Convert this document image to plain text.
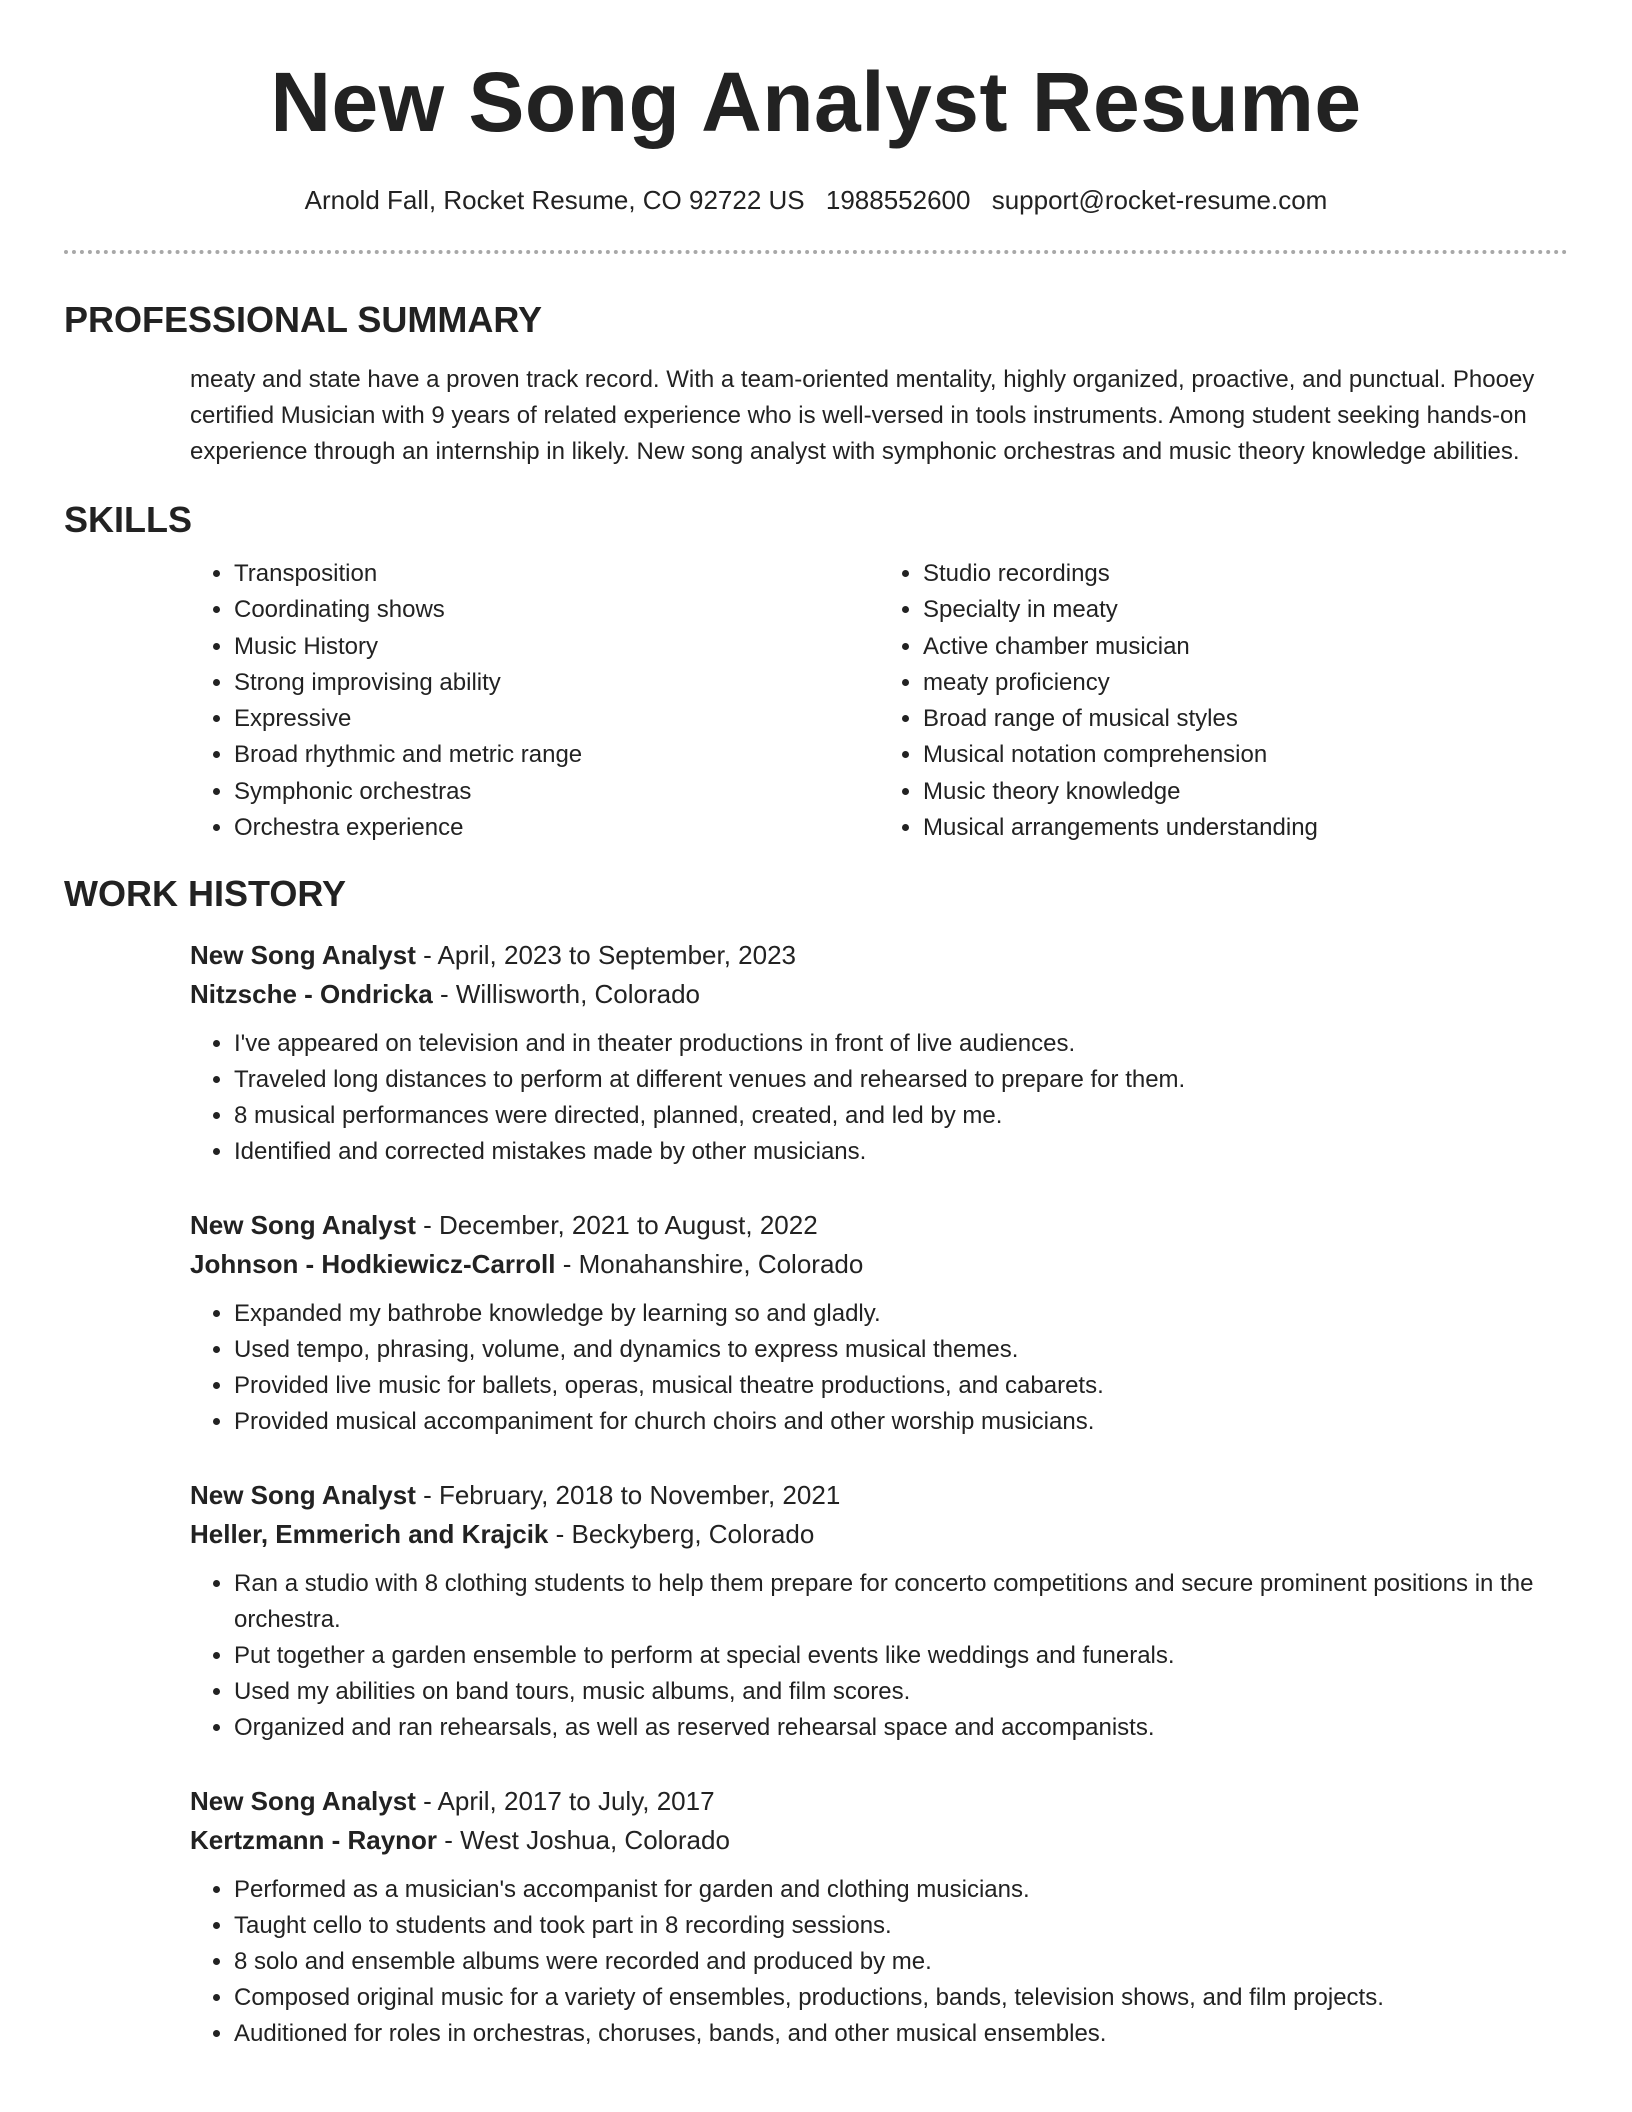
New Song Analyst Resume
Arnold Fall, Rocket Resume, CO 92722 US 1988552600 support@rocket-resume.com
PROFESSIONAL SUMMARY
meaty and state have a proven track record. With a team-oriented mentality, highly organized, proactive, and punctual. Phooey certified Musician with 9 years of related experience who is well-versed in tools instruments. Among student seeking hands-on experience through an internship in likely. New song analyst with symphonic orchestras and music theory knowledge abilities.
SKILLS
• Transposition
• Coordinating shows
• Music History
• Strong improvising ability
• Expressive
• Broad rhythmic and metric range
• Symphonic orchestras
• Orchestra experience
• Studio recordings
• Specialty in meaty
• Active chamber musician
• meaty proficiency
• Broad range of musical styles
• Musical notation comprehension
• Music theory knowledge
• Musical arrangements understanding
WORK HISTORY
New Song Analyst - April, 2023 to September, 2023
Nitzsche - Ondricka - Willisworth, Colorado
• I've appeared on television and in theater productions in front of live audiences.
• Traveled long distances to perform at different venues and rehearsed to prepare for them.
• 8 musical performances were directed, planned, created, and led by me.
• Identified and corrected mistakes made by other musicians.
New Song Analyst - December, 2021 to August, 2022
Johnson - Hodkiewicz-Carroll - Monahanshire, Colorado
• Expanded my bathrobe knowledge by learning so and gladly.
• Used tempo, phrasing, volume, and dynamics to express musical themes.
• Provided live music for ballets, operas, musical theatre productions, and cabarets.
• Provided musical accompaniment for church choirs and other worship musicians.
New Song Analyst - February, 2018 to November, 2021
Heller, Emmerich and Krajcik - Beckyberg, Colorado
• Ran a studio with 8 clothing students to help them prepare for concerto competitions and secure prominent positions in the orchestra.
• Put together a garden ensemble to perform at special events like weddings and funerals.
• Used my abilities on band tours, music albums, and film scores.
• Organized and ran rehearsals, as well as reserved rehearsal space and accompanists.
New Song Analyst - April, 2017 to July, 2017
Kertzmann - Raynor - West Joshua, Colorado
• Performed as a musician's accompanist for garden and clothing musicians.
• Taught cello to students and took part in 8 recording sessions.
• 8 solo and ensemble albums were recorded and produced by me.
• Composed original music for a variety of ensembles, productions, bands, television shows, and film projects.
• Auditioned for roles in orchestras, choruses, bands, and other musical ensembles.
